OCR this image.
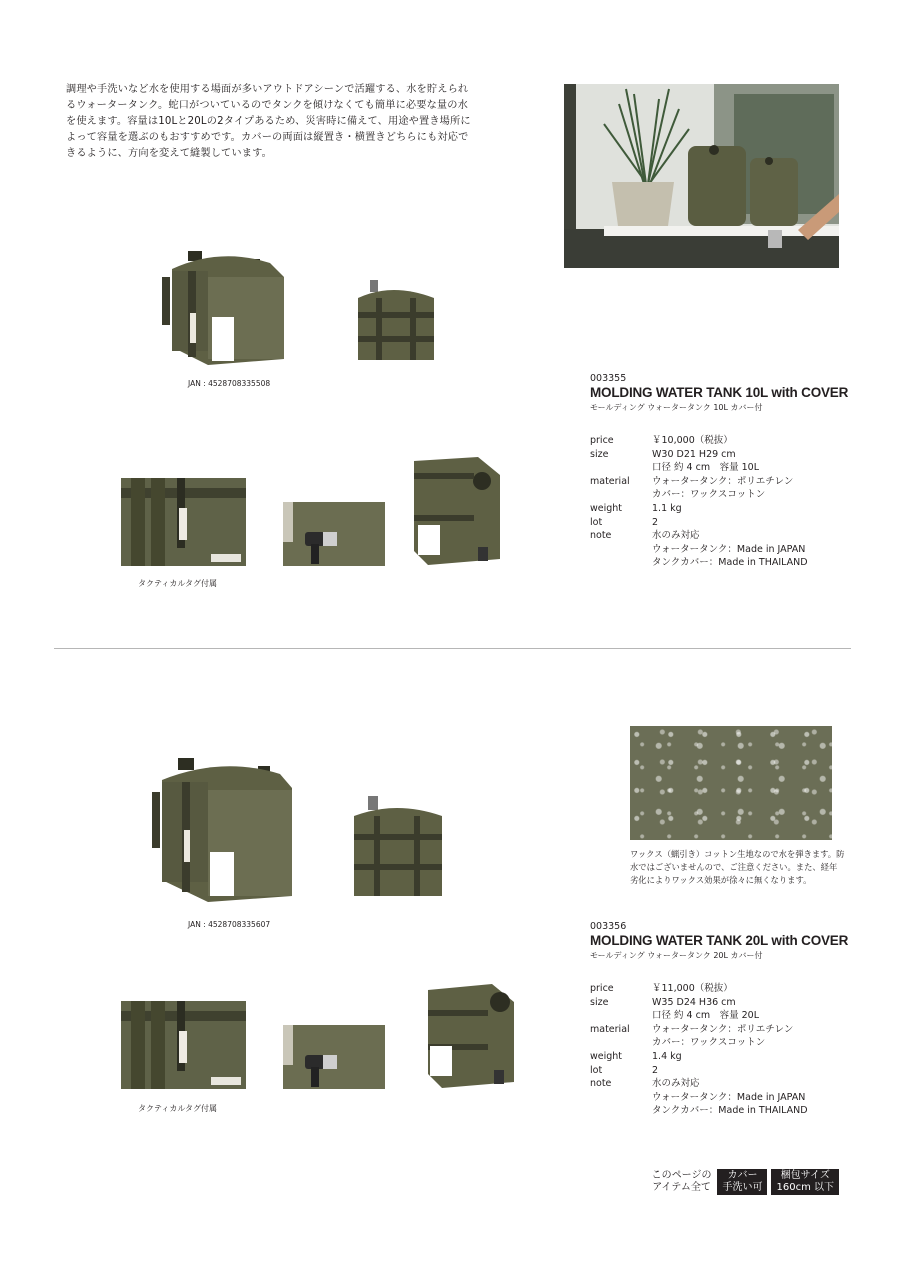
調理や手洗いなど水を使用する場面が多いアウトドアシーンで活躍する、水を貯えられるウォータータンク。蛇口がついているのでタンクを傾けなくても簡単に必要な量の水を使えます。容量は10Lと20Lの2タイプあるため、災害時に備えて、用途や置き場所によって容量を選ぶのもおすすめです。カバーの両面は縦置き・横置きどちらにも対応できるように、方向を変えて縫製しています。
JAN : 4528708335508
タクティカルタグ付属
003355
MOLDING WATER TANK 10L with COVER
モールディング ウォータータンク 10L カバー付
price	￥10,000（税抜）
size	W30 D21 H29 cm
口径 約 4 cm　容量 10L
material	ウォータータンク：ポリエチレン
カバー：ワックスコットン
weight	1.1 kg
lot	2
note	水のみ対応
ウォータータンク：Made in JAPAN
タンクカバー：Made in THAILAND
JAN : 4528708335607
タクティカルタグ付属
ワックス（蝋引き）コットン生地なので水を弾きます。防水ではございませんので、ご注意ください。また、経年劣化によりワックス効果が徐々に無くなります。
003356
MOLDING WATER TANK 20L with COVER
モールディング ウォータータンク 20L カバー付
price	￥11,000（税抜）
size	W35 D24 H36 cm
口径 約 4 cm　容量 20L
material	ウォータータンク：ポリエチレン
カバー：ワックスコットン
weight	1.4 kg
lot	2
note	水のみ対応
ウォータータンク：Made in JAPAN
タンクカバー：Made in THAILAND
このページの
アイテム全て
カバー
手洗い可
梱包サイズ
160cm 以下
